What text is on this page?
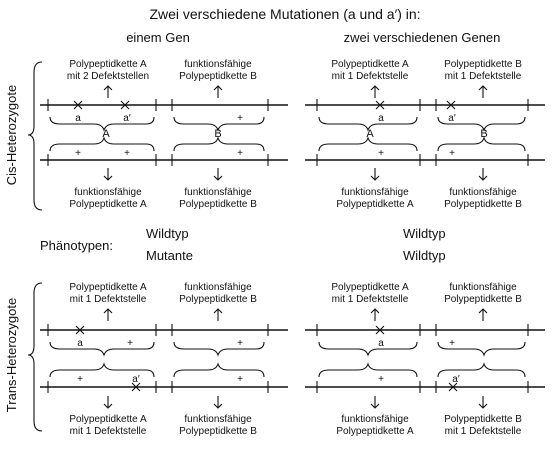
Zwei verschiedene Mutationen (a und a′) in:
einem Gen	zwei verschiedenen Genen
Cis-Heterozygote
Trans-Heterozygote
Phänotypen:
Wildtyp
Mutante
Wildtyp
Wildtyp
Polypeptidkette A
mit 2 Defektstellen
funktionsfähige
Polypeptidkette B
a	a′	+
A	B
+	+	+
funktionsfähige
Polypeptidkette A
funktionsfähige
Polypeptidkette B
Polypeptidkette A
mit 1 Defektstelle
Polypeptidkette B
mit 1 Defektstelle
a	a′
A	B
+	+
funktionsfähige
Polypeptidkette A
funktionsfähige
Polypeptidkette B
Polypeptidkette A
mit 1 Defektstelle
funktionsfähige
Polypeptidkette B
a	+	+
+	a′	+
Polypeptidkette A
mit 1 Defektstelle
funktionsfähige
Polypeptidkette B
Polypeptidkette A
mit 1 Defektstelle
funktionsfähige
Polypeptidkette B
a	+
+	a′
funktionsfähige
Polypeptidkette A
Polypeptidkette B
mit 1 Defektstelle
